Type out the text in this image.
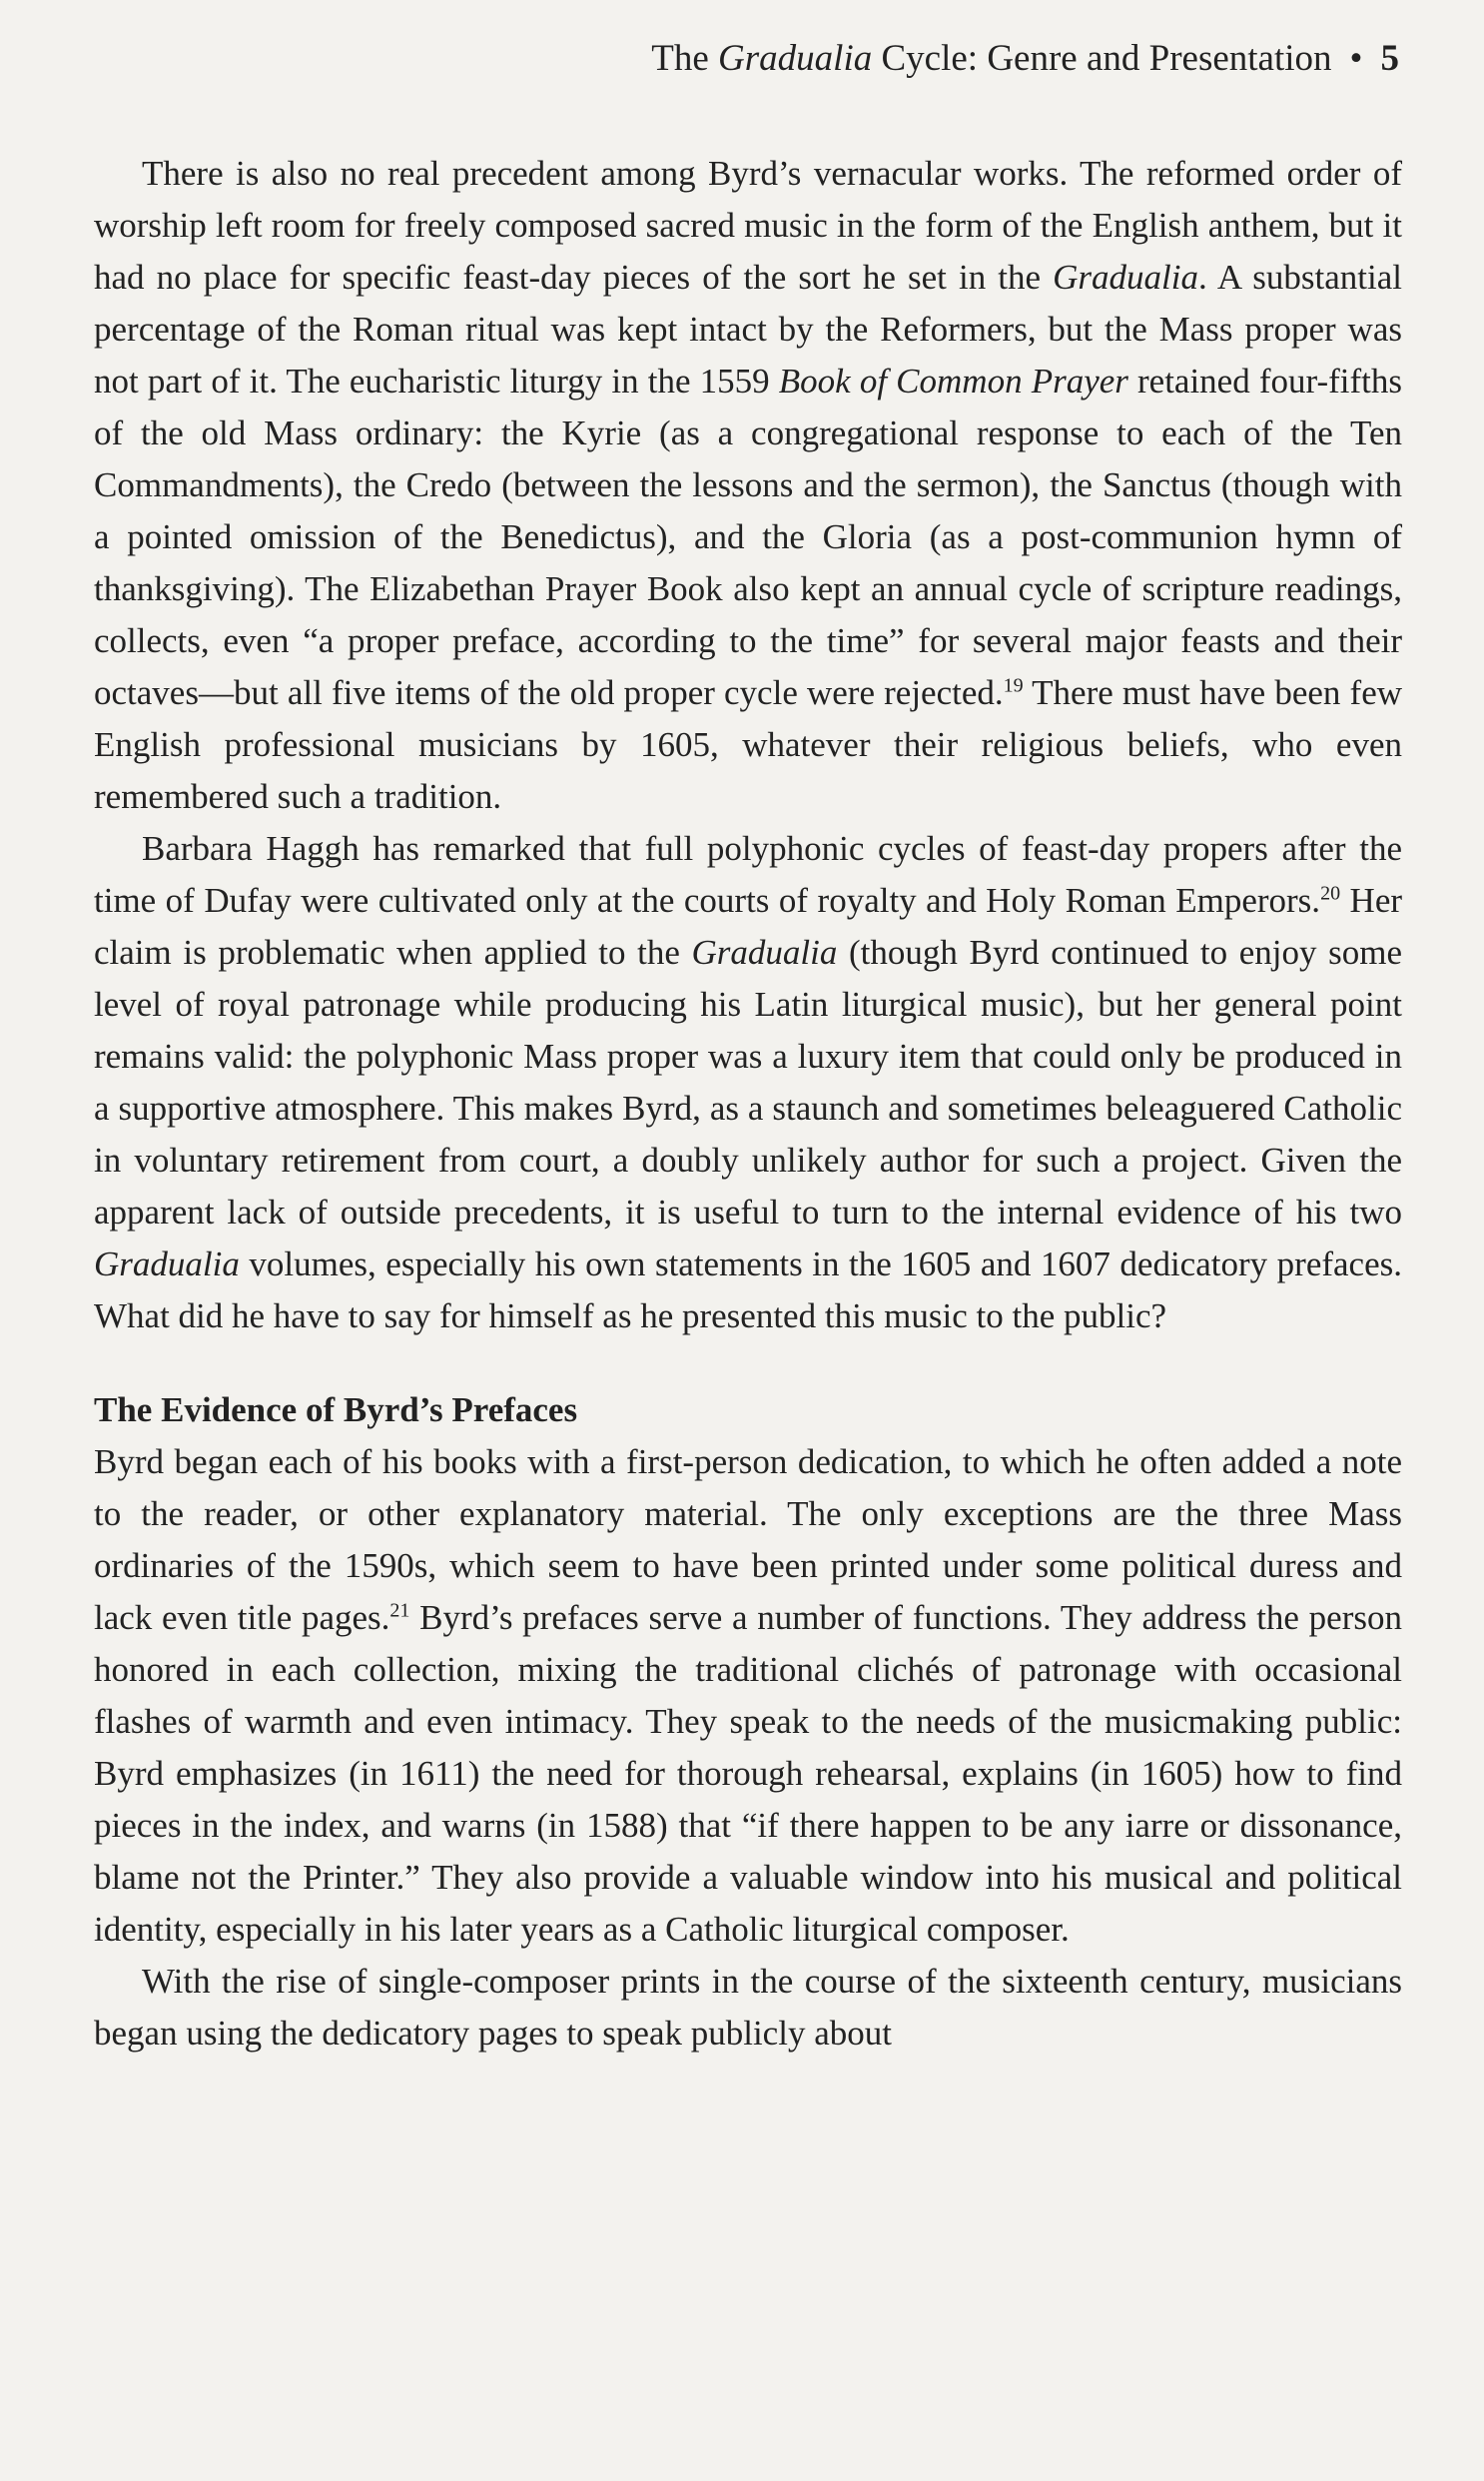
The Gradualia Cycle: Genre and Presentation • 5

There is also no real precedent among Byrd’s vernacular works. The reformed order of worship left room for freely composed sacred music in the form of the English anthem, but it had no place for specific feast-day pieces of the sort he set in the Gradualia. A substantial percentage of the Roman ritual was kept intact by the Reformers, but the Mass proper was not part of it. The eucharistic liturgy in the 1559 Book of Common Prayer retained four-fifths of the old Mass ordinary: the Kyrie (as a congregational response to each of the Ten Commandments), the Credo (between the lessons and the sermon), the Sanctus (though with a pointed omission of the Benedictus), and the Gloria (as a post-communion hymn of thanksgiving). The Elizabethan Prayer Book also kept an annual cycle of scripture readings, collects, even “a proper preface, according to the time” for several major feasts and their octaves—but all five items of the old proper cycle were rejected.$^{19}$ There must have been few English professional musicians by 1605, whatever their religious beliefs, who even remembered such a tradition.

Barbara Haggh has remarked that full polyphonic cycles of feast-day propers after the time of Dufay were cultivated only at the courts of royalty and Holy Roman Emperors.$^{20}$ Her claim is problematic when applied to the Gradualia (though Byrd continued to enjoy some level of royal patronage while producing his Latin liturgical music), but her general point remains valid: the polyphonic Mass proper was a luxury item that could only be produced in a supportive atmosphere. This makes Byrd, as a staunch and sometimes beleaguered Catholic in voluntary retirement from court, a doubly unlikely author for such a project. Given the apparent lack of outside precedents, it is useful to turn to the internal evidence of his two Gradualia volumes, especially his own statements in the 1605 and 1607 dedicatory prefaces. What did he have to say for himself as he presented this music to the public?

The Evidence of Byrd’s Prefaces

Byrd began each of his books with a first-person dedication, to which he often added a note to the reader, or other explanatory material. The only exceptions are the three Mass ordinaries of the 1590s, which seem to have been printed under some political duress and lack even title pages.$^{21}$ Byrd’s prefaces serve a number of functions. They address the person honored in each collection, mixing the traditional clichés of patronage with occasional flashes of warmth and even intimacy. They speak to the needs of the musicmaking public: Byrd emphasizes (in 1611) the need for thorough rehearsal, explains (in 1605) how to find pieces in the index, and warns (in 1588) that “if there happen to be any iarre or dissonance, blame not the Printer.” They also provide a valuable window into his musical and political identity, especially in his later years as a Catholic liturgical composer.

With the rise of single-composer prints in the course of the sixteenth century, musicians began using the dedicatory pages to speak publicly about
